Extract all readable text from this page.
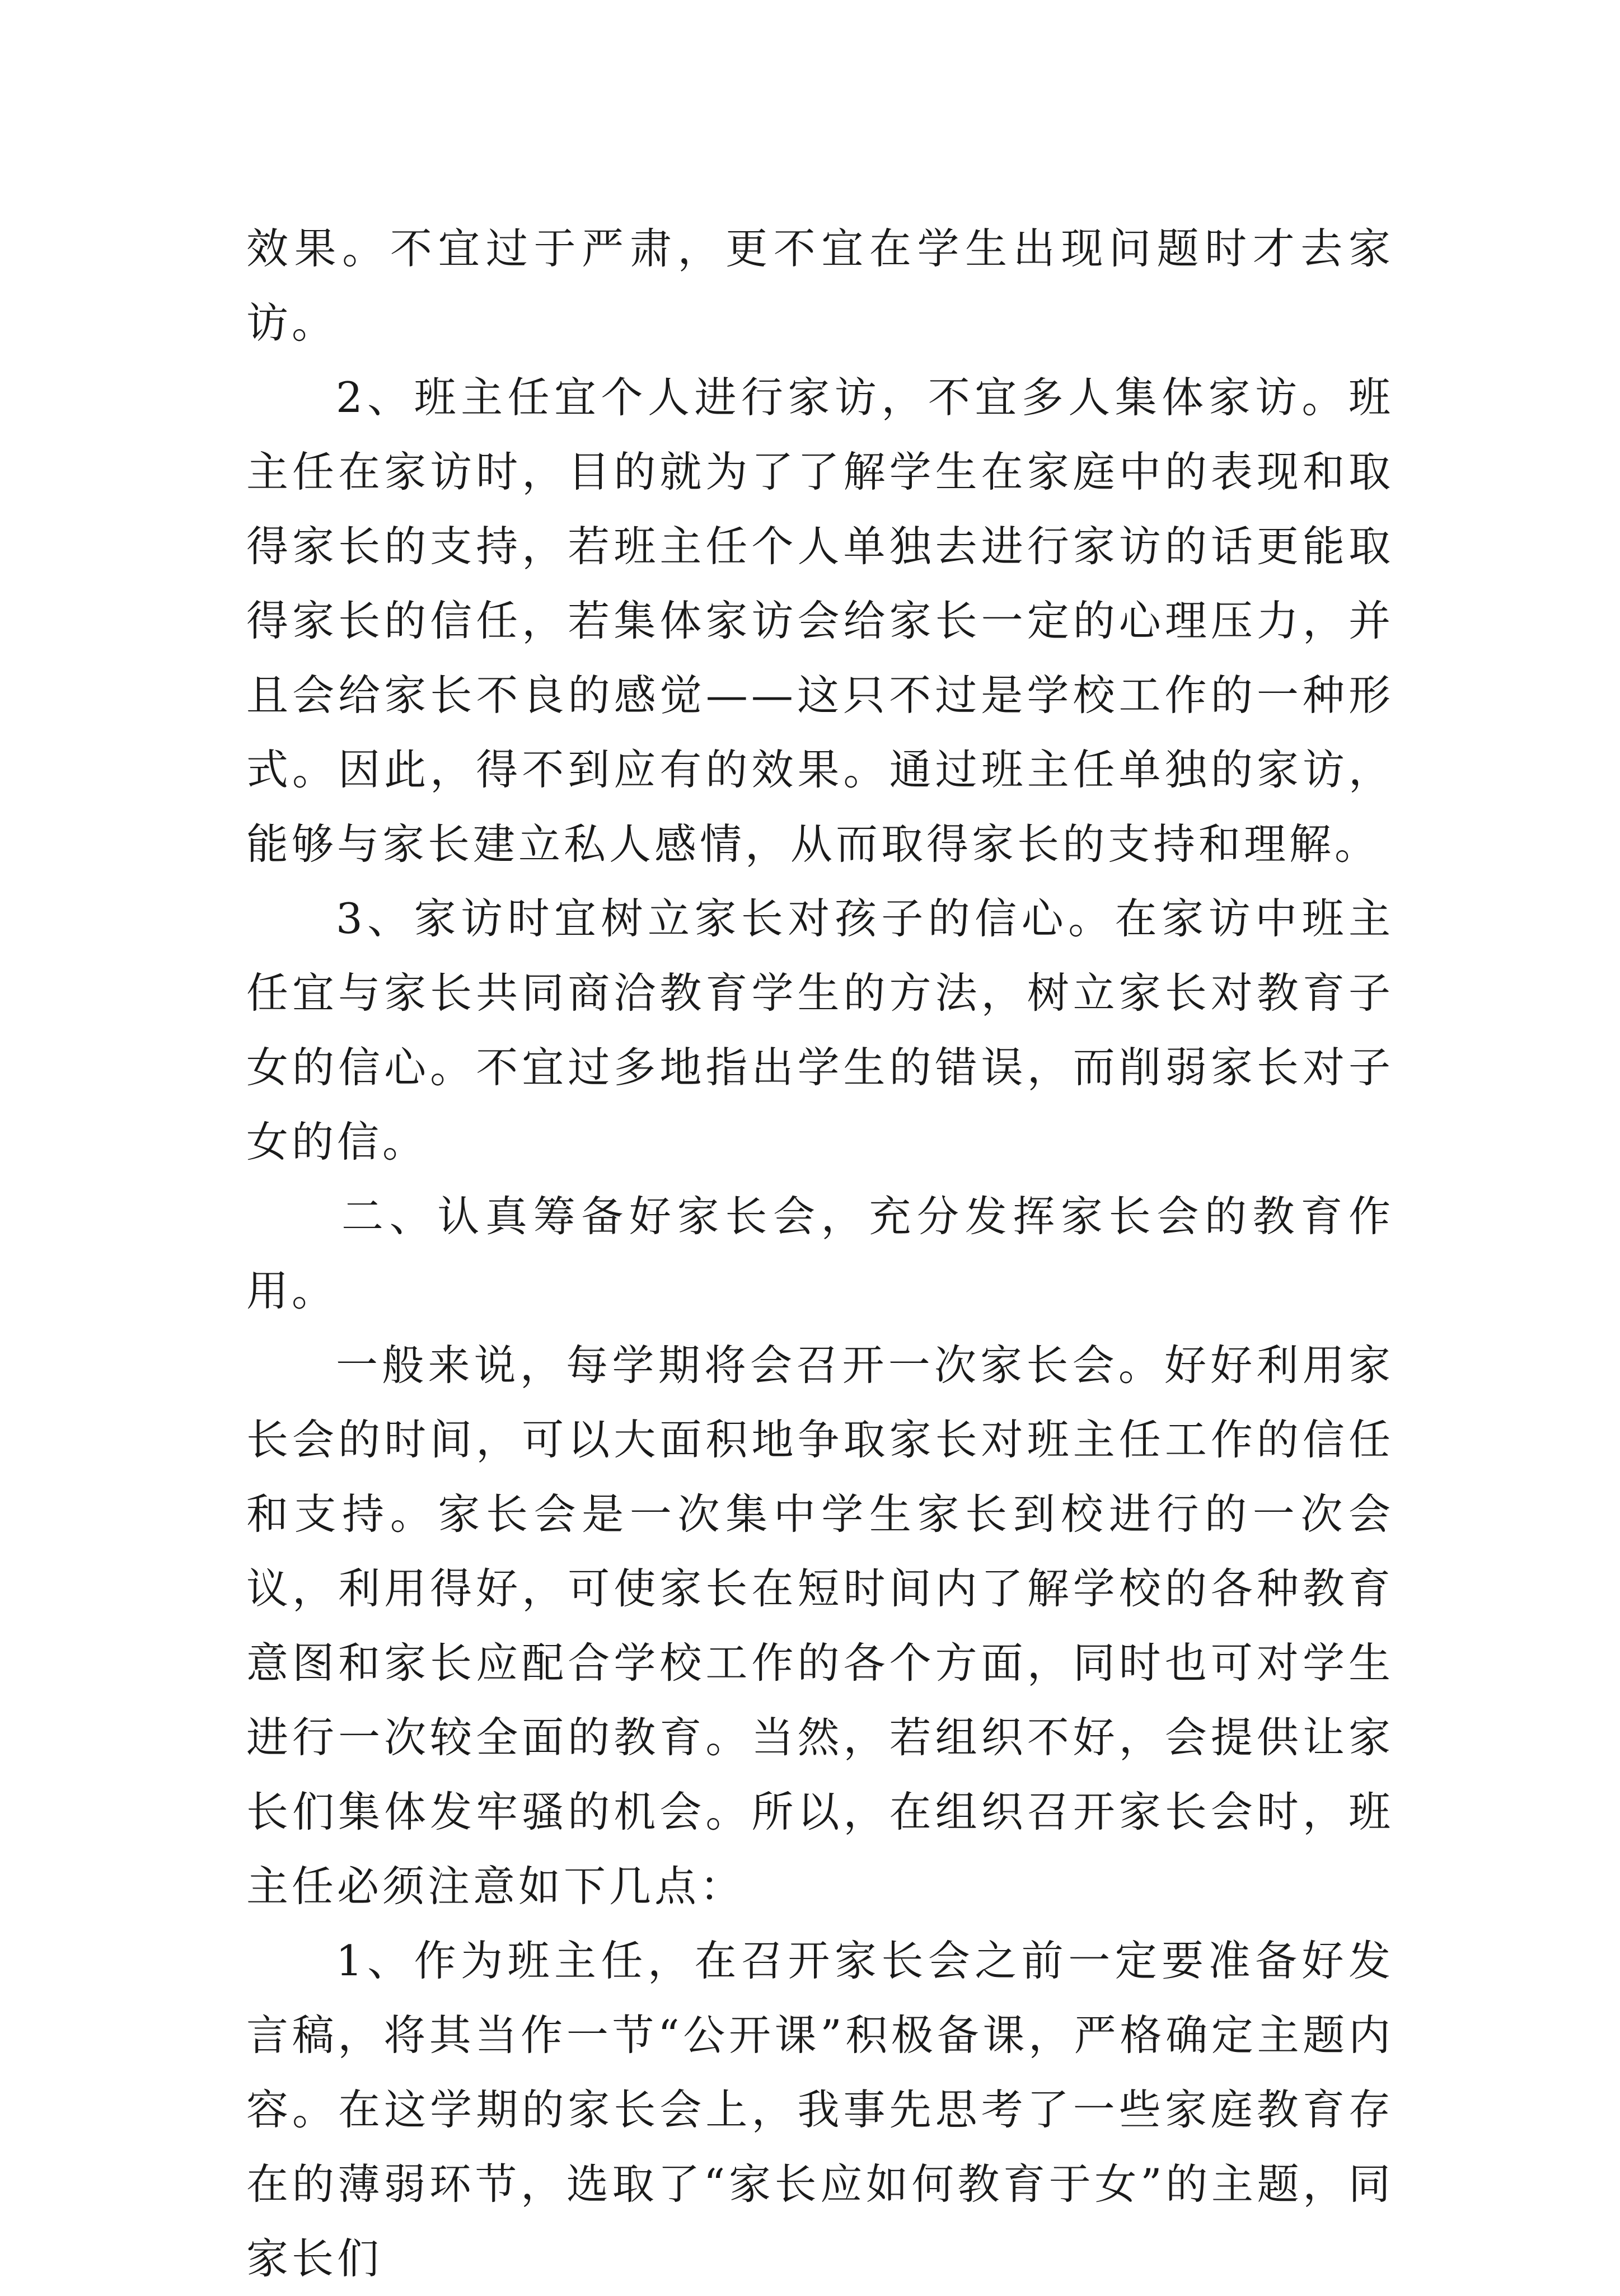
效果。不宜过于严肃，更不宜在学生出现问题时才去家访。

2、班主任宜个人进行家访，不宜多人集体家访。班主任在家访时，目的就为了了解学生在家庭中的表现和取得家长的支持，若班主任个人单独去进行家访的话更能取得家长的信任，若集体家访会给家长一定的心理压力，并且会给家长不良的感觉——这只不过是学校工作的一种形式。因此，得不到应有的效果。通过班主任单独的家访，能够与家长建立私人感情，从而取得家长的支持和理解。

3、家访时宜树立家长对孩子的信心。在家访中班主任宜与家长共同商洽教育学生的方法，树立家长对教育子女的信心。不宜过多地指出学生的错误，而削弱家长对子女的信。

二、认真筹备好家长会，充分发挥家长会的教育作用。

一般来说，每学期将会召开一次家长会。好好利用家长会的时间，可以大面积地争取家长对班主任工作的信任和支持。家长会是一次集中学生家长到校进行的一次会议，利用得好，可使家长在短时间内了解学校的各种教育意图和家长应配合学校工作的各个方面，同时也可对学生进行一次较全面的教育。当然，若组织不好，会提供让家长们集体发牢骚的机会。所以，在组织召开家长会时，班主任必须注意如下几点：

1、作为班主任，在召开家长会之前一定要准备好发言稿，将其当作一节“公开课”积极备课，严格确定主题内容。在这学期的家长会上，我事先思考了一些家庭教育存在的薄弱环节，选取了“家长应如何教育于女”的主题，同家长们
